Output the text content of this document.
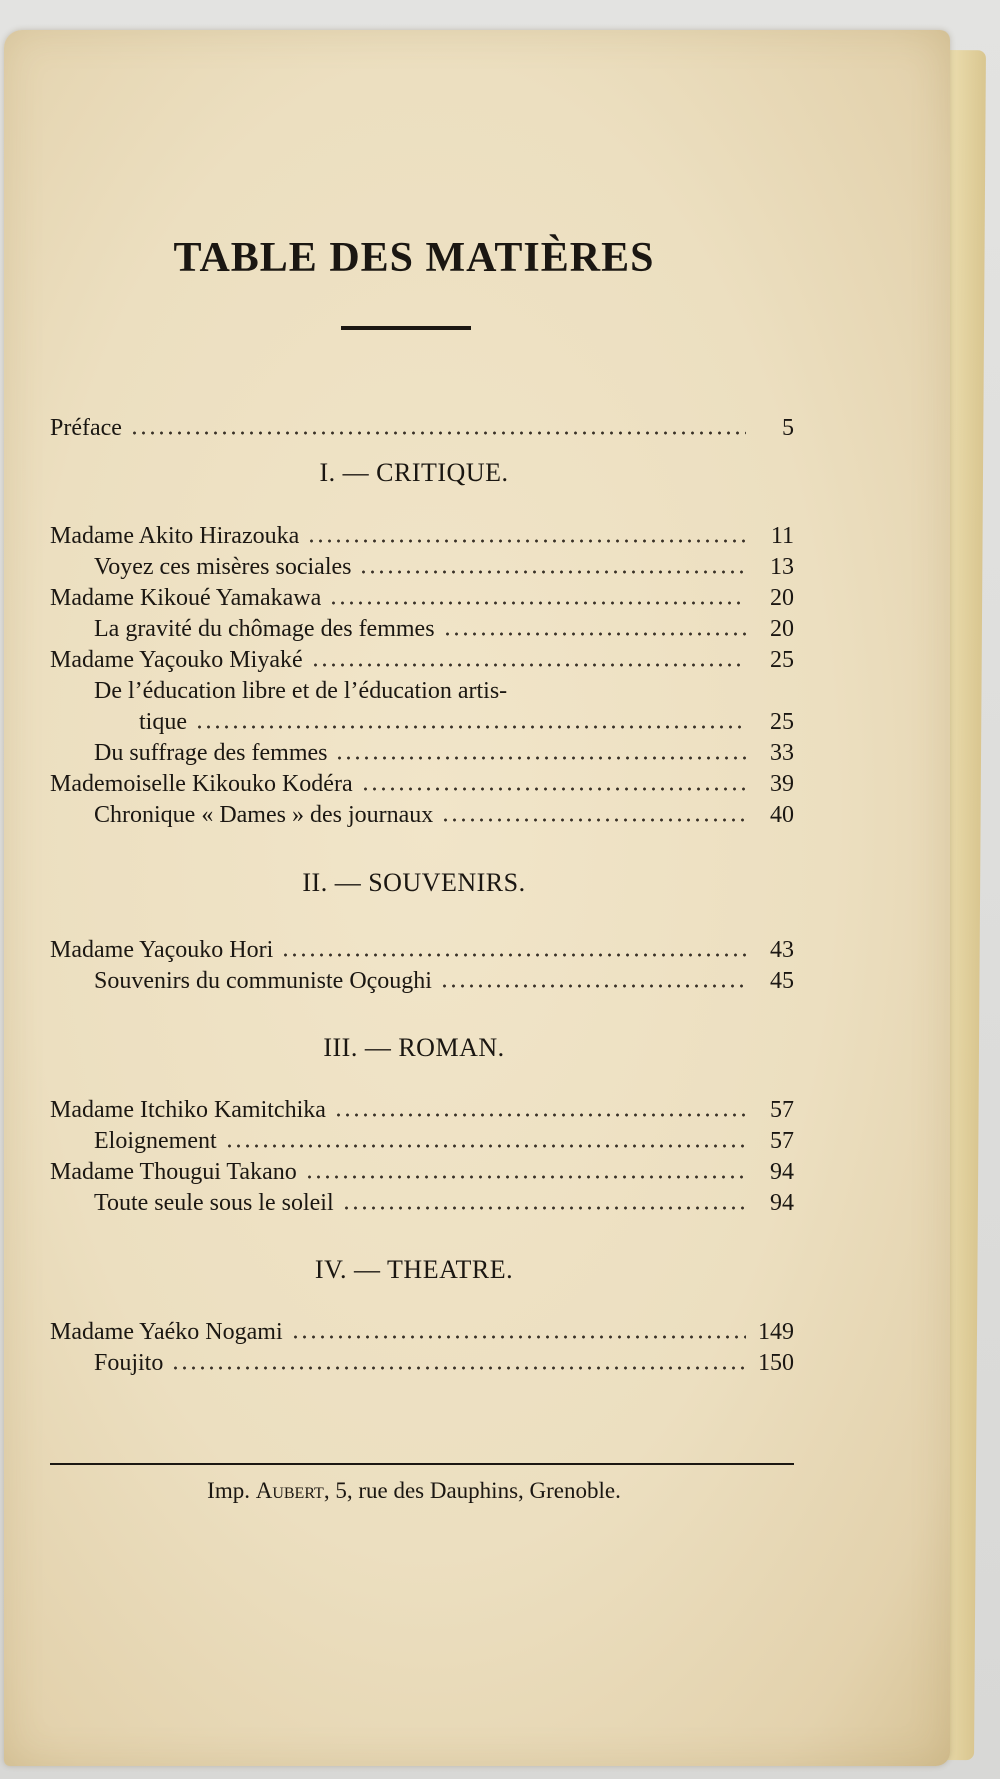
TABLE DES MATIÈRES
Préface	5
I. — CRITIQUE.
Madame Akito Hirazouka	11
Voyez ces misères sociales	13
Madame Kikoué Yamakawa	20
La gravité du chômage des femmes	20
Madame Yaçouko Miyaké	25
De l’éducation libre et de l’éducation artis-
tique	25
Du suffrage des femmes	33
Mademoiselle Kikouko Kodéra	39
Chronique « Dames » des journaux	40
II. — SOUVENIRS.
Madame Yaçouko Hori	43
Souvenirs du communiste Oçoughi	45
III. — ROMAN.
Madame Itchiko Kamitchika	57
Eloignement	57
Madame Thougui Takano	94
Toute seule sous le soleil	94
IV. — THEATRE.
Madame Yaéko Nogami	149
Foujito	150
Imp. Aubert, 5, rue des Dauphins, Grenoble.
